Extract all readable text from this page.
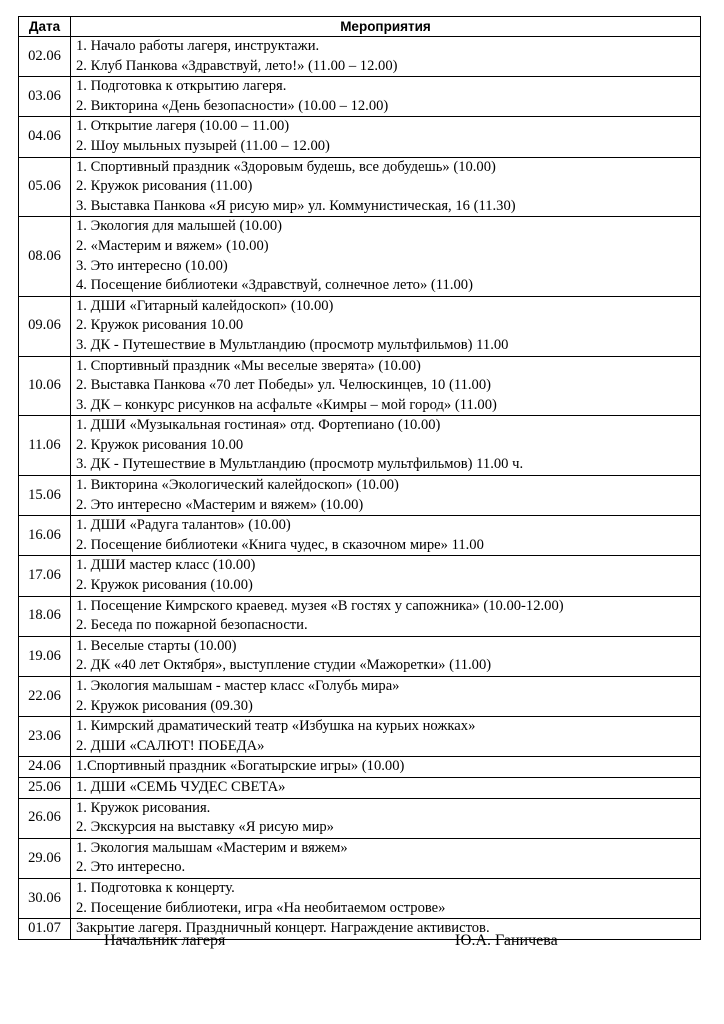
Дата	Мероприятия
02.06	1. Начало работы лагеря, инструктажи.
2. Клуб Панкова «Здравствуй, лето!» (11.00 – 12.00)

03.06	1. Подготовка к открытию лагеря.
2. Викторина «День безопасности» (10.00 – 12.00)

04.06	1. Открытие лагеря (10.00 – 11.00)
2. Шоу мыльных пузырей (11.00 – 12.00)

05.06	1. Спортивный праздник «Здоровым будешь, все добудешь» (10.00)
2. Кружок рисования (11.00)
3. Выставка Панкова «Я рисую мир» ул. Коммунистическая, 16 (11.30)

08.06	1. Экология для малышей (10.00)
2. «Мастерим и вяжем» (10.00)
3. Это интересно (10.00)
4. Посещение библиотеки «Здравствуй, солнечное лето» (11.00)

09.06	1. ДШИ «Гитарный калейдоскоп» (10.00)
2. Кружок рисования 10.00
3. ДК - Путешествие в Мультландию (просмотр мультфильмов) 11.00

10.06	1. Спортивный праздник «Мы веселые зверята» (10.00)
2. Выставка Панкова «70 лет Победы» ул. Челюскинцев, 10 (11.00)
3. ДК – конкурс рисунков на асфальте «Кимры – мой город» (11.00)

11.06	1. ДШИ «Музыкальная гостиная» отд. Фортепиано (10.00)
2. Кружок рисования 10.00
3. ДК - Путешествие в Мультландию (просмотр мультфильмов) 11.00 ч.

15.06	1. Викторина «Экологический калейдоскоп» (10.00)
2. Это интересно «Мастерим и вяжем» (10.00)

16.06	1. ДШИ «Радуга талантов» (10.00)
2. Посещение библиотеки «Книга чудес, в сказочном мире» 11.00

17.06	1. ДШИ мастер класс (10.00)
2. Кружок рисования (10.00)

18.06	1. Посещение Кимрского краевед. музея «В гостях у сапожника» (10.00-12.00)
2. Беседа по пожарной безопасности.

19.06	1. Веселые старты (10.00)
2. ДК «40 лет Октября», выступление студии «Мажоретки» (11.00)

22.06	1. Экология малышам - мастер класс «Голубь мира»
2. Кружок рисования (09.30)

23.06	1. Кимрский драматический театр «Избушка на курьих ножках»
2. ДШИ «САЛЮТ! ПОБЕДА»

24.06	1.Спортивный праздник «Богатырские игры» (10.00)

25.06	1. ДШИ «СЕМЬ ЧУДЕС СВЕТА»

26.06	1. Кружок рисования.
2. Экскурсия на выставку «Я рисую мир»

29.06	1. Экология малышам «Мастерим и вяжем»
2. Это интересно.

30.06	1. Подготовка к концерту.
2. Посещение библиотеки, игра «На необитаемом острове»

01.07	Закрытие лагеря. Праздничный концерт. Награждение активистов.
Начальник лагеря	Ю.А. Ганичева
